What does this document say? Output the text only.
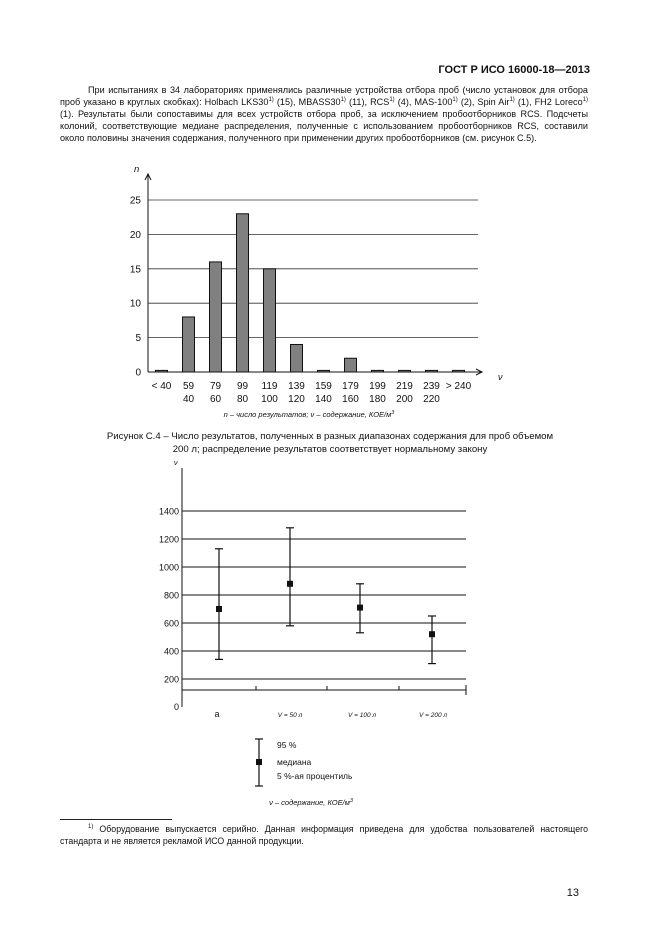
ГОСТ Р ИСО 16000-18—2013

При испытаниях в 34 лабораториях применялись различные устройства отбора проб (число установок для отбора проб указано в круглых скобках): Holbach LKS30$^{1)}$ (15), MBASS30$^{1)}$ (11), RCS$^{1)}$ (4), MAS-100$^{1)}$ (2), Spin Air$^{1)}$ (1), FH2 Loreco$^{1)}$ (1). Результаты были сопоставимы для всех устройств отбора проб, за исключением пробоотборников RCS. Подсчеты колоний, соответствующие медиане распределения, полученные с использованием пробоотборников RCS, составили около половины значения содержания, полученного при применении других пробоотборников (см. рисунок С.5).

0
5
10
15
20
25
n
ν
< 40 59
40
79
60
99
80
119
100
139
120
159
140
179
160
199
180
219
200
239
220
> 240
n – число результатов; ν – содержание, КОЕ/$м^3$
0
200
400
600
800
1000
1200
1400
ν
a	V = 50 л	V = 100 л	V = 200 л
95 %
медиана
5 %-ая процентиль
ν – содержание, КОЕ/$м^3$
Рисунок С.4 – Число результатов, полученных в разных диапазонах содержания для проб объемом
200 л; распределение результатов соответствует нормальному закону

$^{1)}$ Оборудование выпускается серийно. Данная информация приведена для удобства пользователей настоящего стандарта и не является рекламой ИСО данной продукции.

13
